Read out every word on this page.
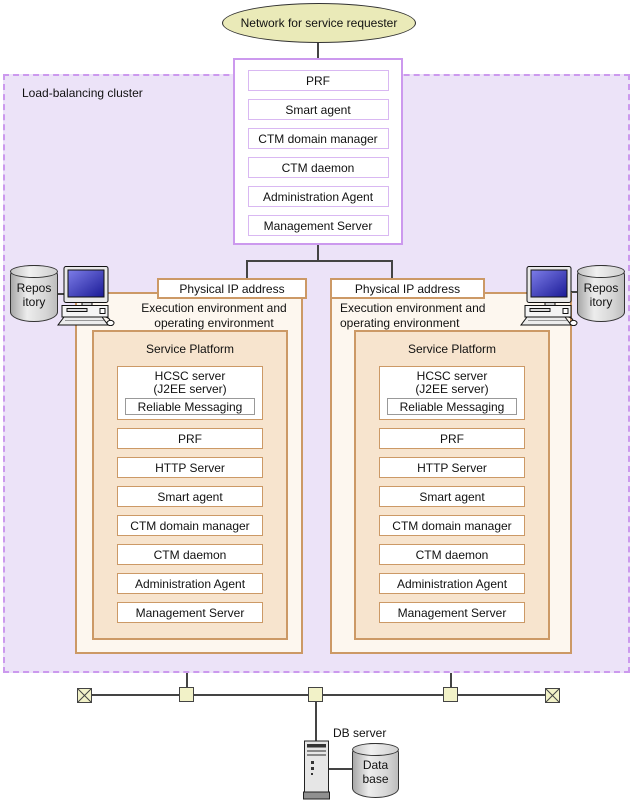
Load-balancing cluster
Network for service requester
PRF
Smart agent
CTM domain manager
CTM daemon
Administration Agent
Management Server
Physical IP address
Execution environment and
operating environment
Service Platform
HCSC server
(J2EE server)
Reliable Messaging
PRF
HTTP Server
Smart agent
CTM domain manager
CTM daemon
Administration Agent
Management Server
Physical IP address
Execution environment and
operating environment
Service Platform
HCSC server
(J2EE server)
Reliable Messaging
PRF
HTTP Server
Smart agent
CTM domain manager
CTM daemon
Administration Agent
Management Server
Repos
itory
Repos
itory
DB server
Data
base
